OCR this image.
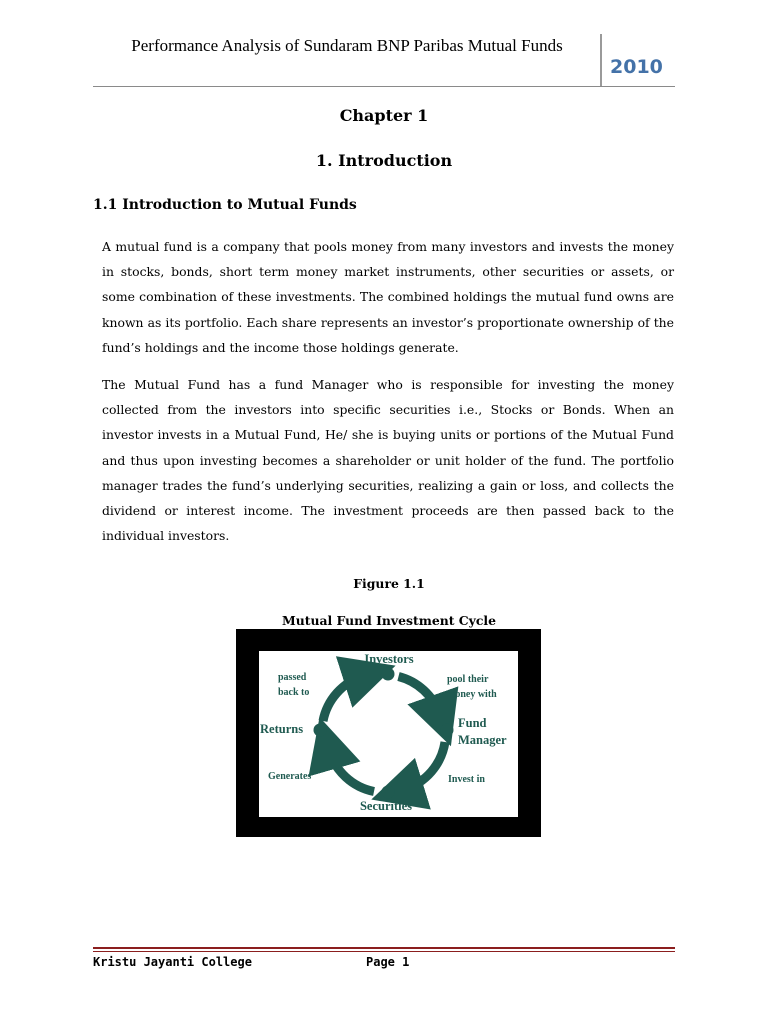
Performance Analysis of Sundaram BNP Paribas Mutual Funds
2010
Chapter 1
1. Introduction
1.1 Introduction to Mutual Funds
A mutual fund is a company that pools money from many investors and invests the money in stocks, bonds, short term money market instruments, other securities or assets, or some combination of these investments. The combined holdings the mutual fund owns are known as its portfolio. Each share represents an investor’s proportionate ownership of the fund’s holdings and the income those holdings generate.
The Mutual Fund has a fund Manager who is responsible for investing the money collected from the investors into specific securities i.e., Stocks or Bonds. When an investor invests in a Mutual Fund, He/ she is buying units or portions of the Mutual Fund and thus upon investing becomes a shareholder or unit holder of the fund. The portfolio manager trades the fund’s underlying securities, realizing a gain or loss, and collects the dividend or interest income. The investment proceeds are then passed back to the individual investors.
Figure 1.1
Mutual Fund Investment Cycle
Investors
Fund
Manager
Securities
Returns
pool their
money with
Invest in
Generates
passed
back to
Kristu Jayanti College	Page 1
